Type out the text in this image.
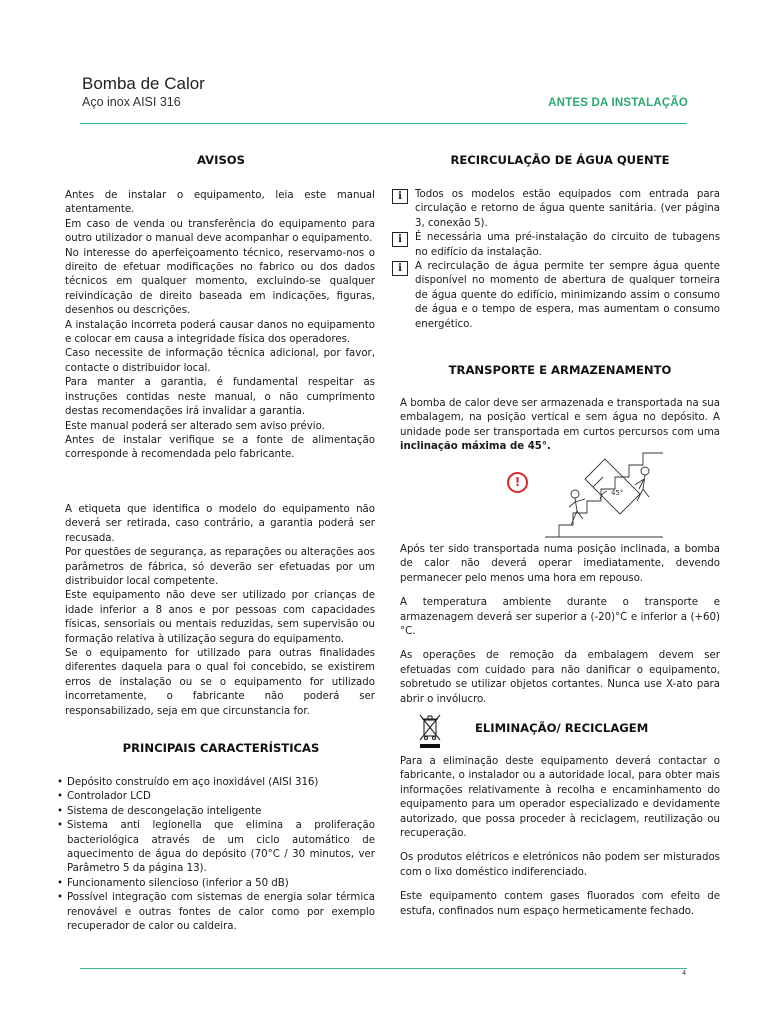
Bomba de Calor
Aço inox AISI 316	ANTES DA INSTALAÇÃO
AVISOS

Antes de instalar o equipamento, leia este manual atentamente.

Em caso de venda ou transferência do equipamento para outro utilizador o manual deve acompanhar o equipamento.

No interesse do aperfeiçoamento técnico, reservamo-nos o direito de efetuar modificações no fabrico ou dos dados técnicos em qualquer momento, excluindo-se qualquer reivindicação de direito baseada em indicações, figuras, desenhos ou descrições.

A instalação incorreta poderá causar danos no equipamento e colocar em causa a integridade física dos operadores.

Caso necessite de informação técnica adicional, por favor, contacte o distribuidor local.

Para manter a garantia, é fundamental respeitar as instruções contidas neste manual, o não cumprimento destas recomendações irá invalidar a garantia.

Este manual poderá ser alterado sem aviso prévio.

Antes de instalar verifique se a fonte de alimentação corresponde à recomendada pelo fabricante.

A etiqueta que identifica o modelo do equipamento não deverá ser retirada, caso contrário, a garantia poderá ser recusada.

Por questões de segurança, as reparações ou alterações aos parâmetros de fábrica, só deverão ser efetuadas por um distribuidor local competente.

Este equipamento não deve ser utilizado por crianças de idade inferior a 8 anos e por pessoas com capacidades físicas, sensoriais ou mentais reduzidas, sem supervisão ou formação relativa à utilização segura do equipamento.

Se o equipamento for utilizado para outras finalidades diferentes daquela para o qual foi concebido, se existirem erros de instalação ou se o equipamento for utilizado incorretamente, o fabricante não poderá ser responsabilizado, seja em que circunstancia for.

PRINCIPAIS CARACTERÍSTICAS
• Depósito construído em aço inoxidável (AISI 316)
• Controlador LCD
• Sistema de descongelação inteligente
• Sistema anti legionella que elimina a proliferação bacteriológica através de um ciclo automático de aquecimento de água do depósito (70°C / 30 minutos, ver Parâmetro 5 da página 13).
• Funcionamento silencioso (inferior a 50 dB)
• Possível integração com sistemas de energia solar térmica renovável e outras fontes de calor como por exemplo recuperador de calor ou caldeira.
RECIRCULAÇÃO DE ÁGUA QUENTE
i	Todos os modelos estão equipados com entrada para circulação e retorno de água quente sanitária. (ver página 3, conexão 5).

i	É necessária uma pré-instalação do circuito de tubagens no edifício da instalação.

i	A recirculação de água permite ter sempre água quente disponível no momento de abertura de qualquer torneira de água quente do edifício, minimizando assim o consumo de água e o tempo de espera, mas aumentam o consumo energético.

TRANSPORTE E ARMAZENAMENTO

A bomba de calor deve ser armazenada e transportada na sua embalagem, na posição vertical e sem água no depósito. A unidade pode ser transportada em curtos percursos com uma inclinação máxima de 45°.

!
45°

Após ter sido transportada numa posição inclinada, a bomba de calor não deverá operar imediatamente, devendo permanecer pelo menos uma hora em repouso.

A temperatura ambiente durante o transporte e armazenagem deverá ser superior a (-20)°C e inferior a (+60)°C.

As operações de remoção da embalagem devem ser efetuadas com cuidado para não danificar o equipamento, sobretudo se utilizar objetos cortantes. Nunca use X-ato para abrir o invólucro.

ELIMINAÇÃO/ RECICLAGEM

Para a eliminação deste equipamento deverá contactar o fabricante, o instalador ou a autoridade local, para obter mais informações relativamente à recolha e encaminhamento do equipamento para um operador especializado e devidamente autorizado, que possa proceder à reciclagem, reutilização ou recuperação.

Os produtos elétricos e eletrónicos não podem ser misturados com o lixo doméstico indiferenciado.

Este equipamento contem gases fluorados com efeito de estufa, confinados num espaço hermeticamente fechado.

4
